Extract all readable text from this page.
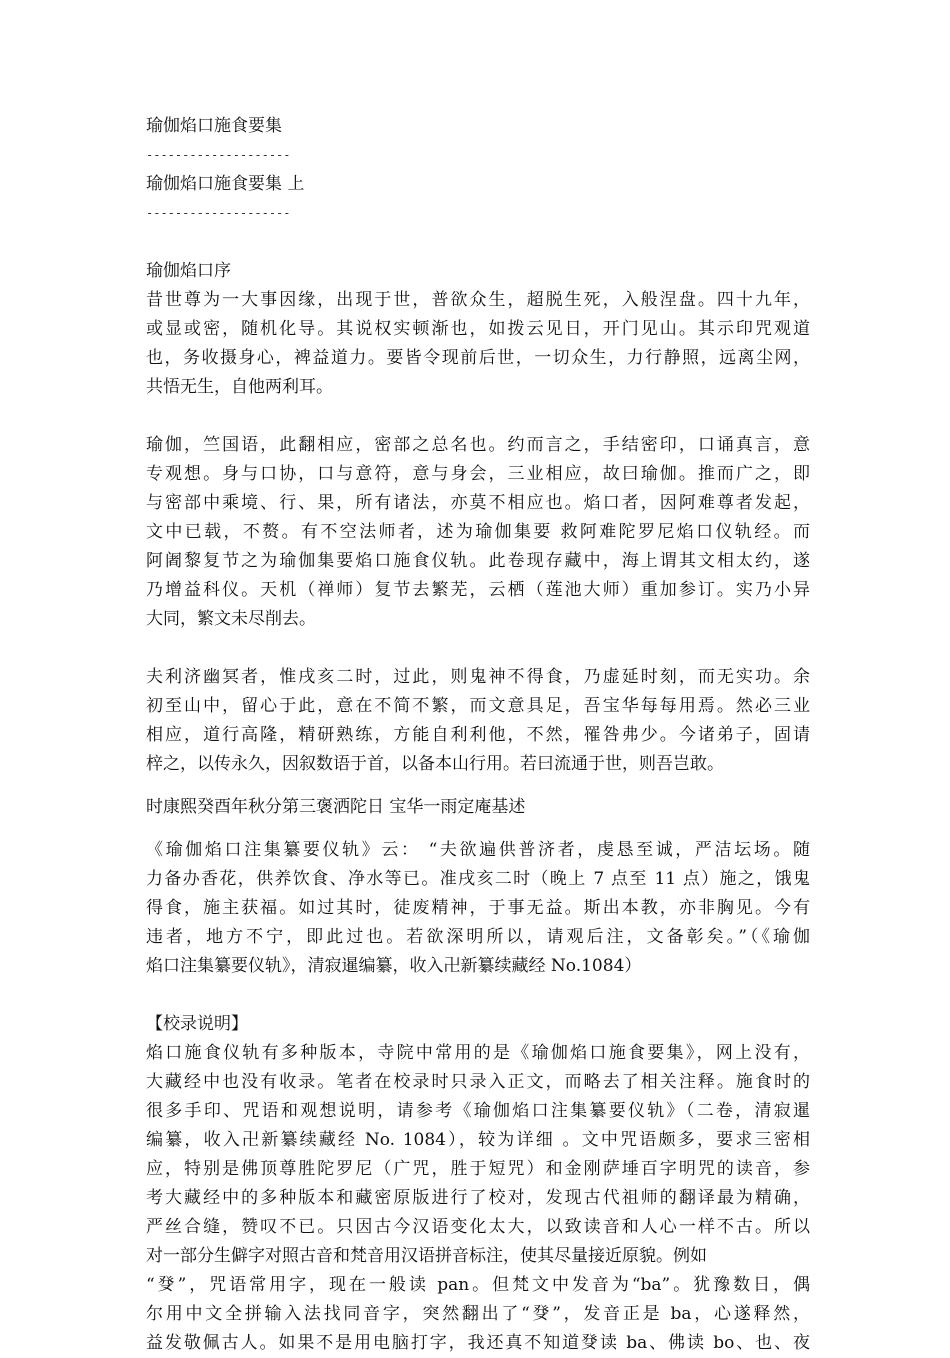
瑜伽焰口施食要集
--------------------
瑜伽焰口施食要集 上
--------------------
瑜伽焰口序
昔世尊为一大事因缘，出现于世，普欲众生，超脱生死，入般涅盘。四十九年，
或显或密，随机化导。其说权实顿渐也，如拨云见日，开门见山。其示印咒观道
也，务收摄身心，裨益道力。要皆令现前后世，一切众生，力行静照，远离尘网，
共悟无生，自他两利耳。
瑜伽，竺国语，此翻相应，密部之总名也。约而言之，手结密印，口诵真言，意
专观想。身与口协，口与意符，意与身会，三业相应，故曰瑜伽。推而广之，即
与密部中乘境、行、果，所有诸法，亦莫不相应也。焰口者，因阿难尊者发起，
文中已载，不赘。有不空法师者，述为瑜伽集要 救阿难陀罗尼焰口仪轨经。而
阿阇黎复节之为瑜伽集要焰口施食仪轨。此卷现存藏中，海上谓其文相太约，遂
乃增益科仪。天机（禅师）复节去繁芜，云栖（莲池大师）重加参订。实乃小异
大同，繁文未尽削去。
夫利济幽冥者，惟戌亥二时，过此，则鬼神不得食，乃虚延时刻，而无实功。余
初至山中，留心于此，意在不简不繁，而文意具足，吾宝华每每用焉。然必三业
相应，道行高隆，精研熟练，方能自利利他，不然，罹咎弗少。今诸弟子，固请
梓之，以传永久，因叙数语于首，以备本山行用。若曰流通于世，则吾岂敢。
时康熙癸酉年秋分第三褒洒陀日 宝华一雨定庵基述
《瑜伽焰口注集纂要仪轨》云： “夫欲遍供普济者，虔恳至诚，严洁坛场。随
力备办香花，供养饮食、净水等已。准戌亥二时（晚上 7 点至 11 点）施之，饿鬼
得食，施主获福。如过其时，徒废精神，于事无益。斯出本教，亦非胸见。今有
违者，地方不宁，即此过也。若欲深明所以，请观后注，文备彰矣。”（《瑜伽
焰口注集纂要仪轨》，清寂暹编纂，收入卍新纂续藏经 No.1084）
【校录说明】
焰口施食仪轨有多种版本，寺院中常用的是《瑜伽焰口施食要集》，网上没有，
大藏经中也没有收录。笔者在校录时只录入正文，而略去了相关注释。施食时的
很多手印、咒语和观想说明，请参考《瑜伽焰口注集纂要仪轨》（二卷，清寂暹
编纂，收入卍新纂续藏经 No. 1084），较为详细 。文中咒语颇多，要求三密相
应，特别是佛顶尊胜陀罗尼（广咒，胜于短咒）和金刚萨埵百字明咒的读音，参
考大藏经中的多种版本和藏密原版进行了校对，发现古代祖师的翻译最为精确，
严丝合缝，赞叹不已。只因古今汉语变化太大，以致读音和人心一样不古。所以
对一部分生僻字对照古音和梵音用汉语拼音标注，使其尽量接近原貌。例如
“癹”，咒语常用字，现在一般读 pan。但梵文中发音为“ba”。犹豫数日，偶
尔用中文全拼输入法找同音字，突然翻出了“癹”，发音正是 ba，心遂释然，
益发敬佩古人。如果不是用电脑打字，我还真不知道癹读 ba、佛读 bo、也、夜
